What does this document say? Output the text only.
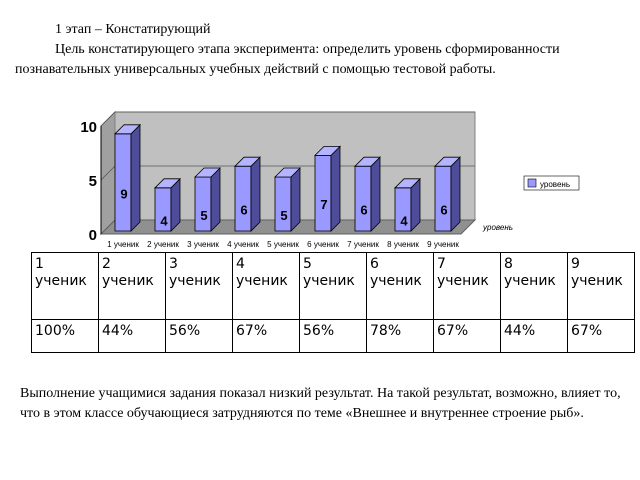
1 этап – Констатирующий

Цель констатирующего этапа эксперимента: определить уровень сформированности познавательных универсальных учебных действий с помощью тестовой работы.

0
5
10
9
4	5	6	5
7	6
4
6
1 ученик 2 ученик 3 ученик 4 ученик 5 ученик 6 ученик 7 ученик 8 ученик 9 ученик
уровень
уровень
1 ученик	2 ученик	3 ученик	4 ученик	5 ученик	6 ученик	7 ученик	8 ученик	9 ученик
100%	44%	56%	67%	56%	78%	67%	44%	67%

Выполнение учащимися задания показал низкий результат. На такой результат, возможно, влияет то, что в этом классе обучающиеся затрудняются по теме «Внешнее и внутреннее строение рыб».
